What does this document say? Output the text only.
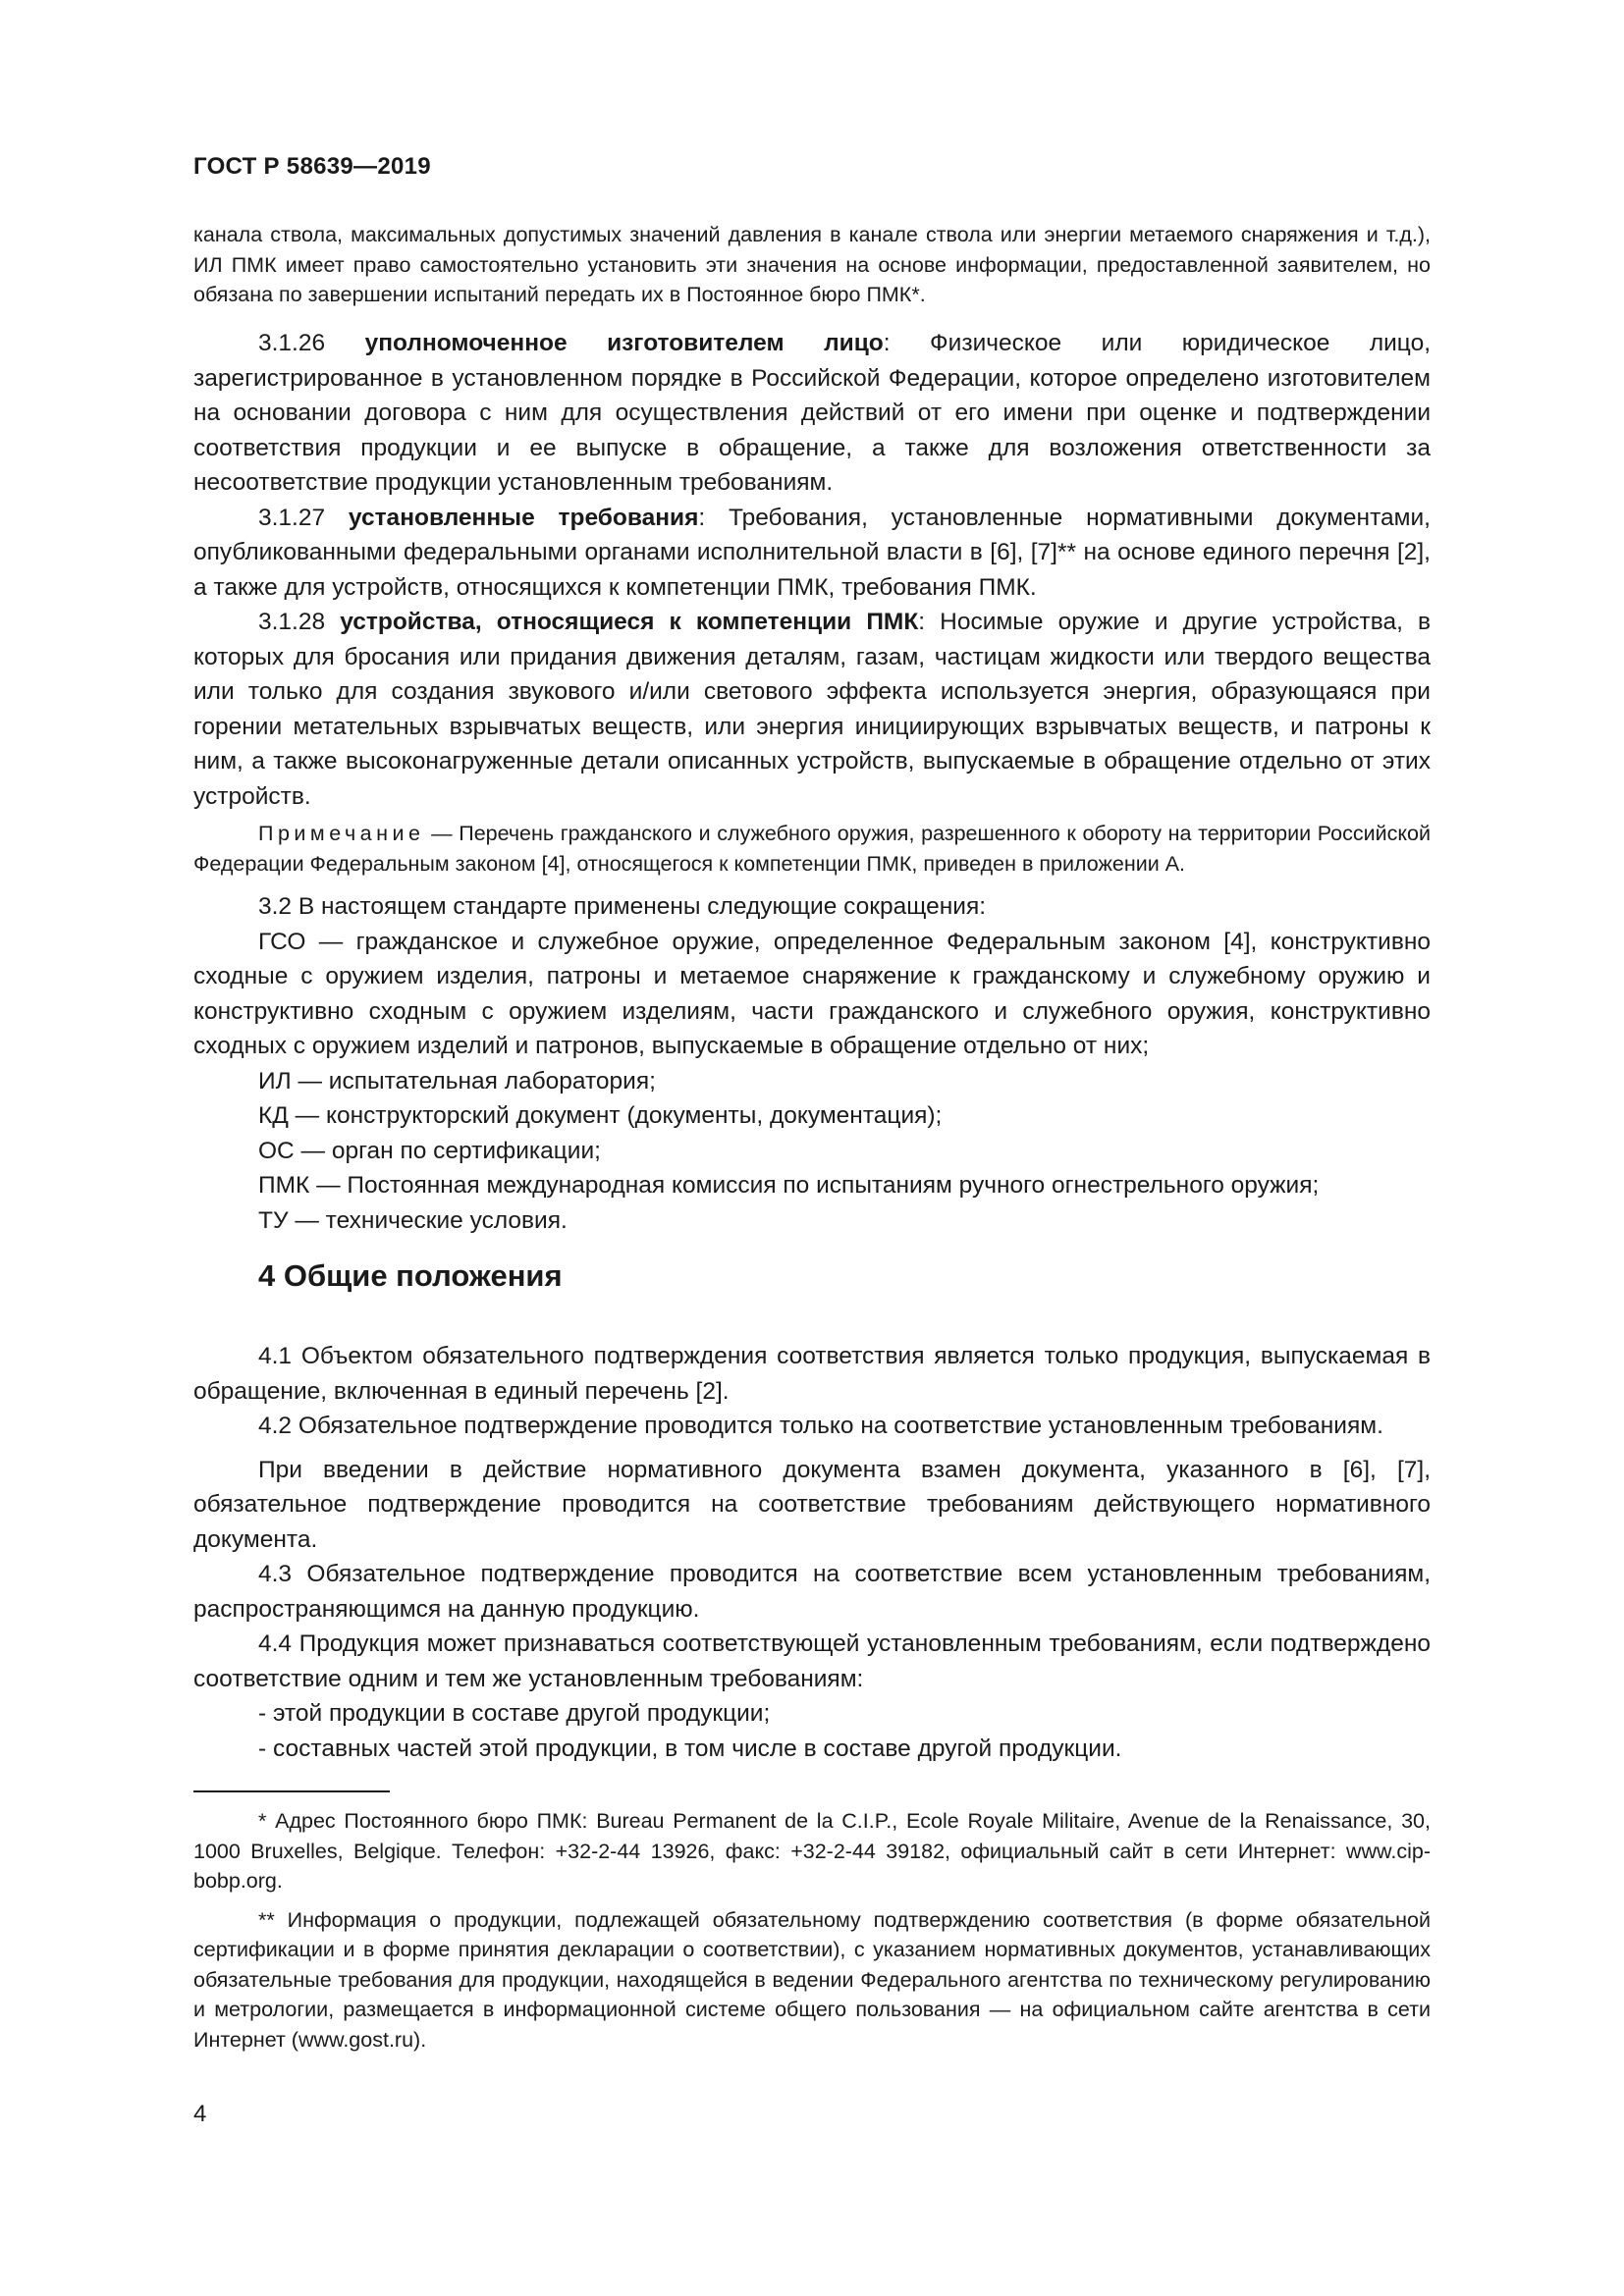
ГОСТ Р 58639—2019

канала ствола, максимальных допустимых значений давления в канале ствола или энергии метаемого снаряжения и т.д.), ИЛ ПМК имеет право самостоятельно установить эти значения на основе информации, предоставленной заявителем, но обязана по завершении испытаний передать их в Постоянное бюро ПМК*.

3.1.26 уполномоченное изготовителем лицо: Физическое или юридическое лицо, зарегистрированное в установленном порядке в Российской Федерации, которое определено изготовителем на основании договора с ним для осуществления действий от его имени при оценке и подтверждении соответствия продукции и ее выпуске в обращение, а также для возложения ответственности за несоответствие продукции установленным требованиям.

3.1.27 установленные требования: Требования, установленные нормативными документами, опубликованными федеральными органами исполнительной власти в [6], [7]** на основе единого перечня [2], а также для устройств, относящихся к компетенции ПМК, требования ПМК.

3.1.28 устройства, относящиеся к компетенции ПМК: Носимые оружие и другие устройства, в которых для бросания или придания движения деталям, газам, частицам жидкости или твердого вещества или только для создания звукового и/или светового эффекта используется энергия, образующаяся при горении метательных взрывчатых веществ, или энергия инициирующих взрывчатых веществ, и патроны к ним, а также высоконагруженные детали описанных устройств, выпускаемые в обращение отдельно от этих устройств.

Примечание — Перечень гражданского и служебного оружия, разрешенного к обороту на территории Российской Федерации Федеральным законом [4], относящегося к компетенции ПМК, приведен в приложении А.

3.2 В настоящем стандарте применены следующие сокращения:

ГСО — гражданское и служебное оружие, определенное Федеральным законом [4], конструктивно сходные с оружием изделия, патроны и метаемое снаряжение к гражданскому и служебному оружию и конструктивно сходным с оружием изделиям, части гражданского и служебного оружия, конструктивно сходных с оружием изделий и патронов, выпускаемые в обращение отдельно от них;

ИЛ — испытательная лаборатория;

КД — конструкторский документ (документы, документация);

ОС — орган по сертификации;

ПМК — Постоянная международная комиссия по испытаниям ручного огнестрельного оружия;

ТУ — технические условия.

4 Общие положения

4.1 Объектом обязательного подтверждения соответствия является только продукция, выпускаемая в обращение, включенная в единый перечень [2].

4.2 Обязательное подтверждение проводится только на соответствие установленным требованиям.

При введении в действие нормативного документа взамен документа, указанного в [6], [7], обязательное подтверждение проводится на соответствие требованиям действующего нормативного документа.

4.3 Обязательное подтверждение проводится на соответствие всем установленным требованиям, распространяющимся на данную продукцию.

4.4 Продукция может признаваться соответствующей установленным требованиям, если подтверждено соответствие одним и тем же установленным требованиям:

- этой продукции в составе другой продукции;

- составных частей этой продукции, в том числе в составе другой продукции.

* Адрес Постоянного бюро ПМК: Bureau Permanent de la C.I.P., Ecole Royale Militaire, Avenue de la Renaissance, 30, 1000 Bruxelles, Belgique. Телефон: +32-2-44 13926, факс: +32-2-44 39182, официальный сайт в сети Интернет: www.cip-bobp.org.

** Информация о продукции, подлежащей обязательному подтверждению соответствия (в форме обязательной сертификации и в форме принятия декларации о соответствии), с указанием нормативных документов, устанавливающих обязательные требования для продукции, находящейся в ведении Федерального агентства по техническому регулированию и метрологии, размещается в информационной системе общего пользования — на официальном сайте агентства в сети Интернет (www.gost.ru).

4
